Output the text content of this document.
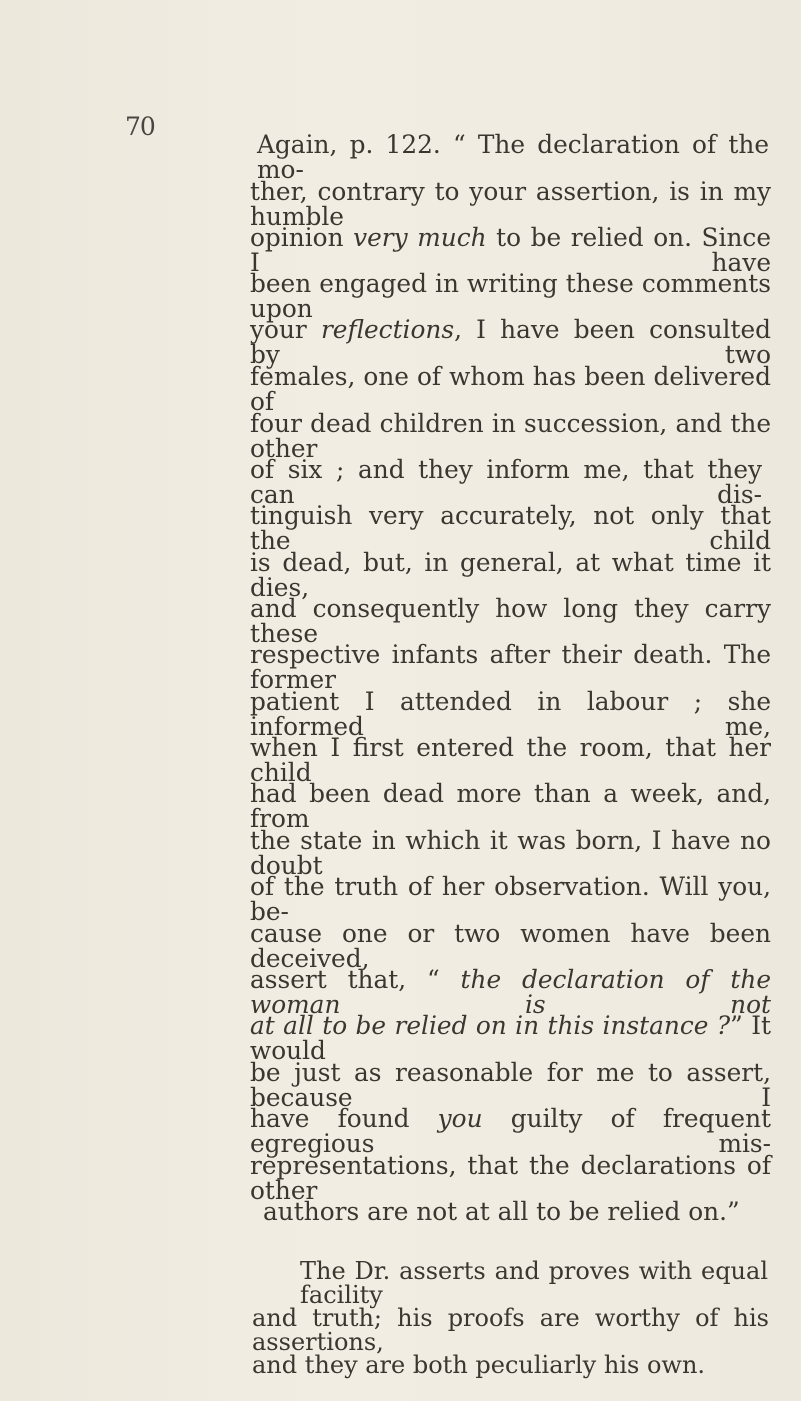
70
Again, p. 122. “ The declaration of the mo-
ther, contrary to your assertion, is in my humble
opinion very much to be relied on. Since I have
been engaged in writing these comments upon
your reflections, I have been consulted by two
females, one of whom has been delivered of
four dead children in succession, and the other
of six ; and they inform me, that they can dis-
tinguish very accurately, not only that the child
is dead, but, in general, at what time it dies,
and consequently how long they carry these
respective infants after their death. The former
patient I attended in labour ; she informed me,
when I first entered the room, that her child
had been dead more than a week, and, from
the state in which it was born, I have no doubt
of the truth of her observation. Will you, be-
cause one or two women have been deceived,
assert that, “ the declaration of the woman is not
at all to be relied on in this instance ?” It would
be just as reasonable for me to assert, because I
have found you guilty of frequent egregious mis-
representations, that the declarations of other
authors are not at all to be relied on.”
The Dr. asserts and proves with equal facility
and truth; his proofs are worthy of his assertions,
and they are both peculiarly his own.
